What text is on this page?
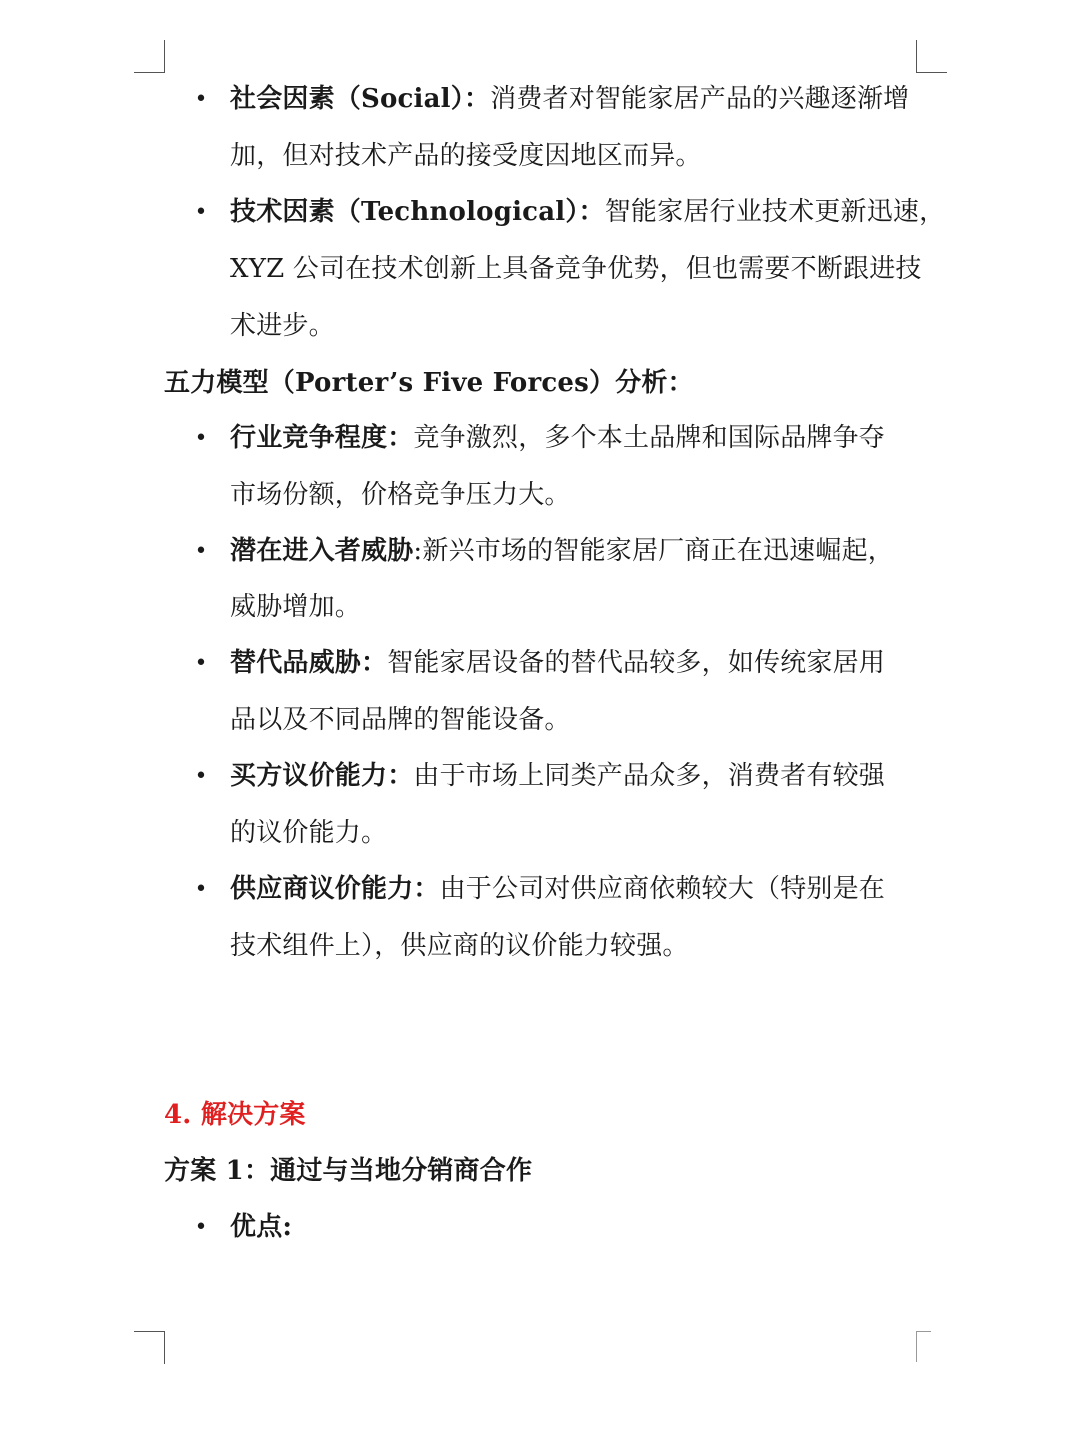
• 社会因素（Social）：消费者对智能家居产品的兴趣逐渐增
加，但对技术产品的接受度因地区而异。
• 技术因素（Technological）：智能家居行业技术更新迅速，
XYZ 公司在技术创新上具备竞争优势，但也需要不断跟进技
术进步。
五力模型（Porter’s Five Forces）分析：
• 行业竞争程度：竞争激烈，多个本土品牌和国际品牌争夺
市场份额，价格竞争压力大。
• 潜在进入者威胁:新兴市场的智能家居厂商正在迅速崛起，
威胁增加。
• 替代品威胁：智能家居设备的替代品较多，如传统家居用
品以及不同品牌的智能设备。
• 买方议价能力：由于市场上同类产品众多，消费者有较强
的议价能力。
• 供应商议价能力：由于公司对供应商依赖较大（特别是在
技术组件上），供应商的议价能力较强。
4. 解决方案
方案 1：通过与当地分销商合作
• 优点:
